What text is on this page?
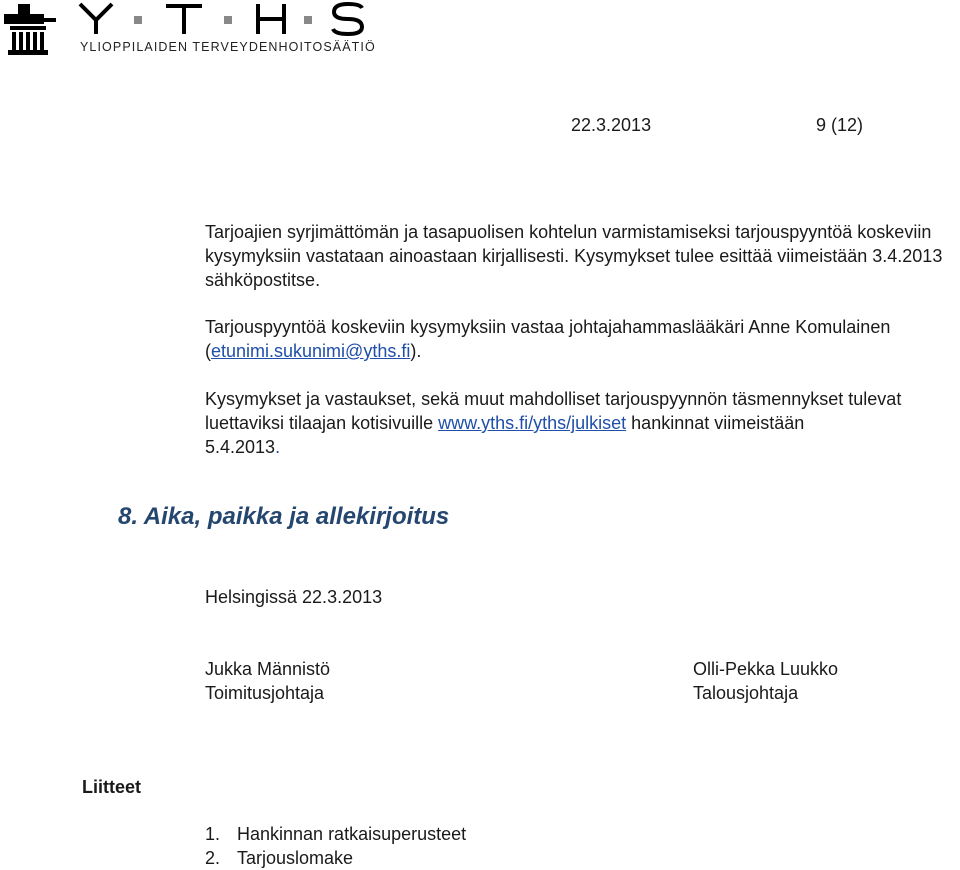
YLIOPPILAIDEN TERVEYDENHOITOSÄÄTIÖ
22.3.2013	9 (12)
Tarjoajien syrjimättömän ja tasapuolisen kohtelun varmistamiseksi tarjouspyyntöä koskeviin kysymyksiin vastataan ainoastaan kirjallisesti. Kysymykset tulee esittää viimeistään 3.4.2013 sähköpostitse.
Tarjouspyyntöä koskeviin kysymyksiin vastaa johtajahammaslääkäri Anne Komulainen (etunimi.sukunimi@yths.fi).
Kysymykset ja vastaukset, sekä muut mahdolliset tarjouspyynnön täsmennykset tulevat luettaviksi tilaajan kotisivuille www.yths.fi/yths/julkiset hankinnat viimeistään
5.4.2013.
8. Aika, paikka ja allekirjoitus
Helsingissä 22.3.2013
Jukka Männistö
Toimitusjohtaja
Olli-Pekka Luukko
Talousjohtaja
Liitteet
1. Hankinnan ratkaisuperusteet
2. Tarjouslomake
